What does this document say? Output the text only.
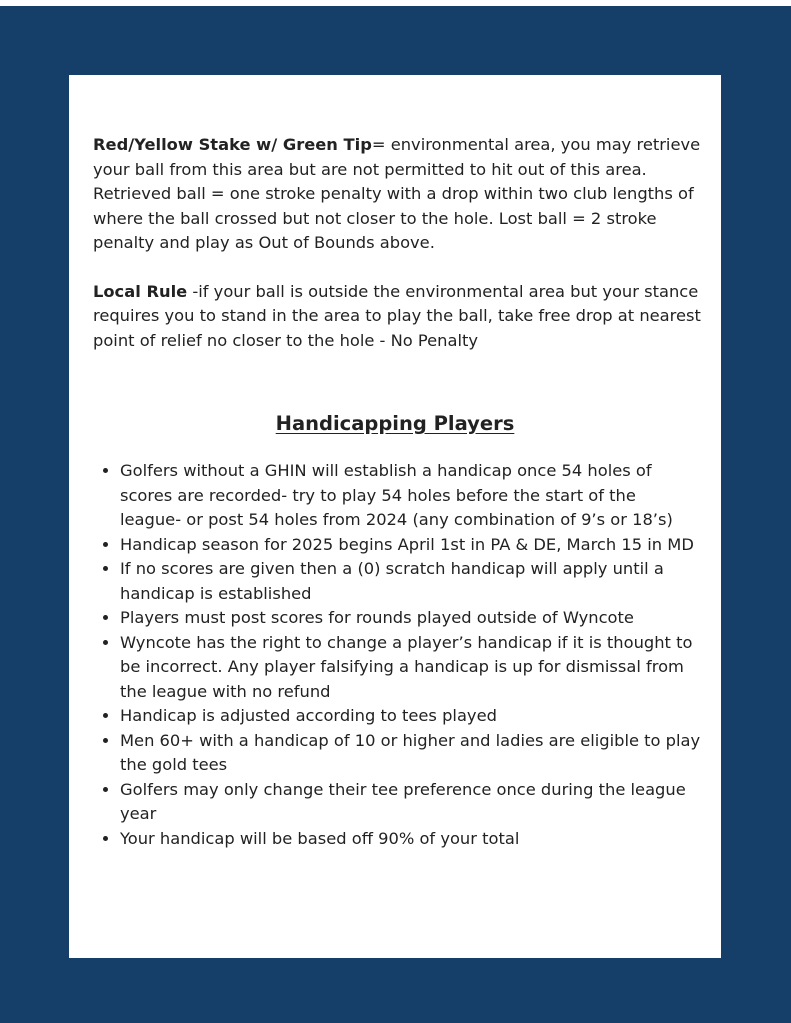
Red/Yellow Stake w/ Green Tip= environmental area, you may retrieve your ball from this area but are not permitted to hit out of this area. Retrieved ball = one stroke penalty with a drop within two club lengths of where the ball crossed but not closer to the hole. Lost ball = 2 stroke penalty and play as Out of Bounds above.

Local Rule -if your ball is outside the environmental area but your stance requires you to stand in the area to play the ball, take free drop at nearest point of relief no closer to the hole - No Penalty

Handicapping Players
• Golfers without a GHIN will establish a handicap once 54 holes of scores are recorded- try to play 54 holes before the start of the league- or post 54 holes from 2024 (any combination of 9’s or 18’s)
• Handicap season for 2025 begins April 1st in PA & DE, March 15 in MD
• If no scores are given then a (0) scratch handicap will apply until a handicap is established
• Players must post scores for rounds played outside of Wyncote
• Wyncote has the right to change a player’s handicap if it is thought to be incorrect. Any player falsifying a handicap is up for dismissal from the league with no refund
• Handicap is adjusted according to tees played
• Men 60+ with a handicap of 10 or higher and ladies are eligible to play the gold tees
• Golfers may only change their tee preference once during the league year
• Your handicap will be based off 90% of your total
